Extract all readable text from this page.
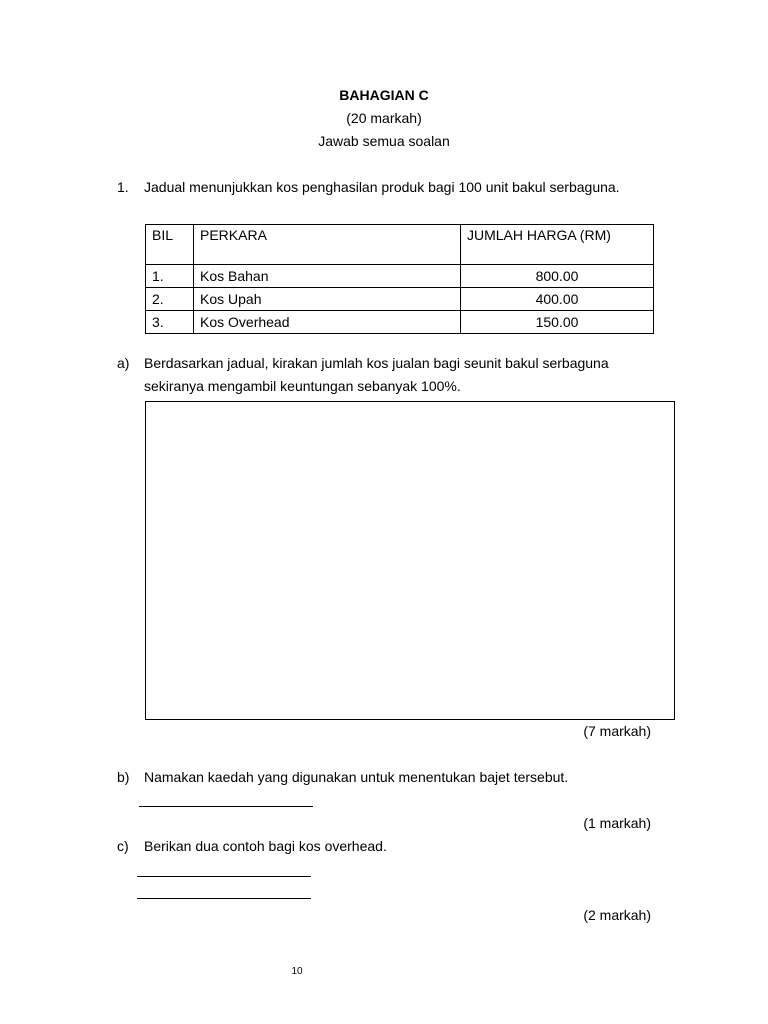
BAHAGIAN C
(20 markah)
Jawab semua soalan
1. Jadual menunjukkan kos penghasilan produk bagi 100 unit bakul serbaguna.
BIL	PERKARA	JUMLAH HARGA (RM)
1.	Kos Bahan	800.00
2.	Kos Upah	400.00
3.	Kos Overhead	150.00
a) Berdasarkan jadual, kirakan jumlah kos jualan bagi seunit bakul serbaguna
sekiranya mengambil keuntungan sebanyak 100%.
(7 markah)
b) Namakan kaedah yang digunakan untuk menentukan bajet tersebut.
(1 markah)
c) Berikan dua contoh bagi kos overhead.
(2 markah)
10
